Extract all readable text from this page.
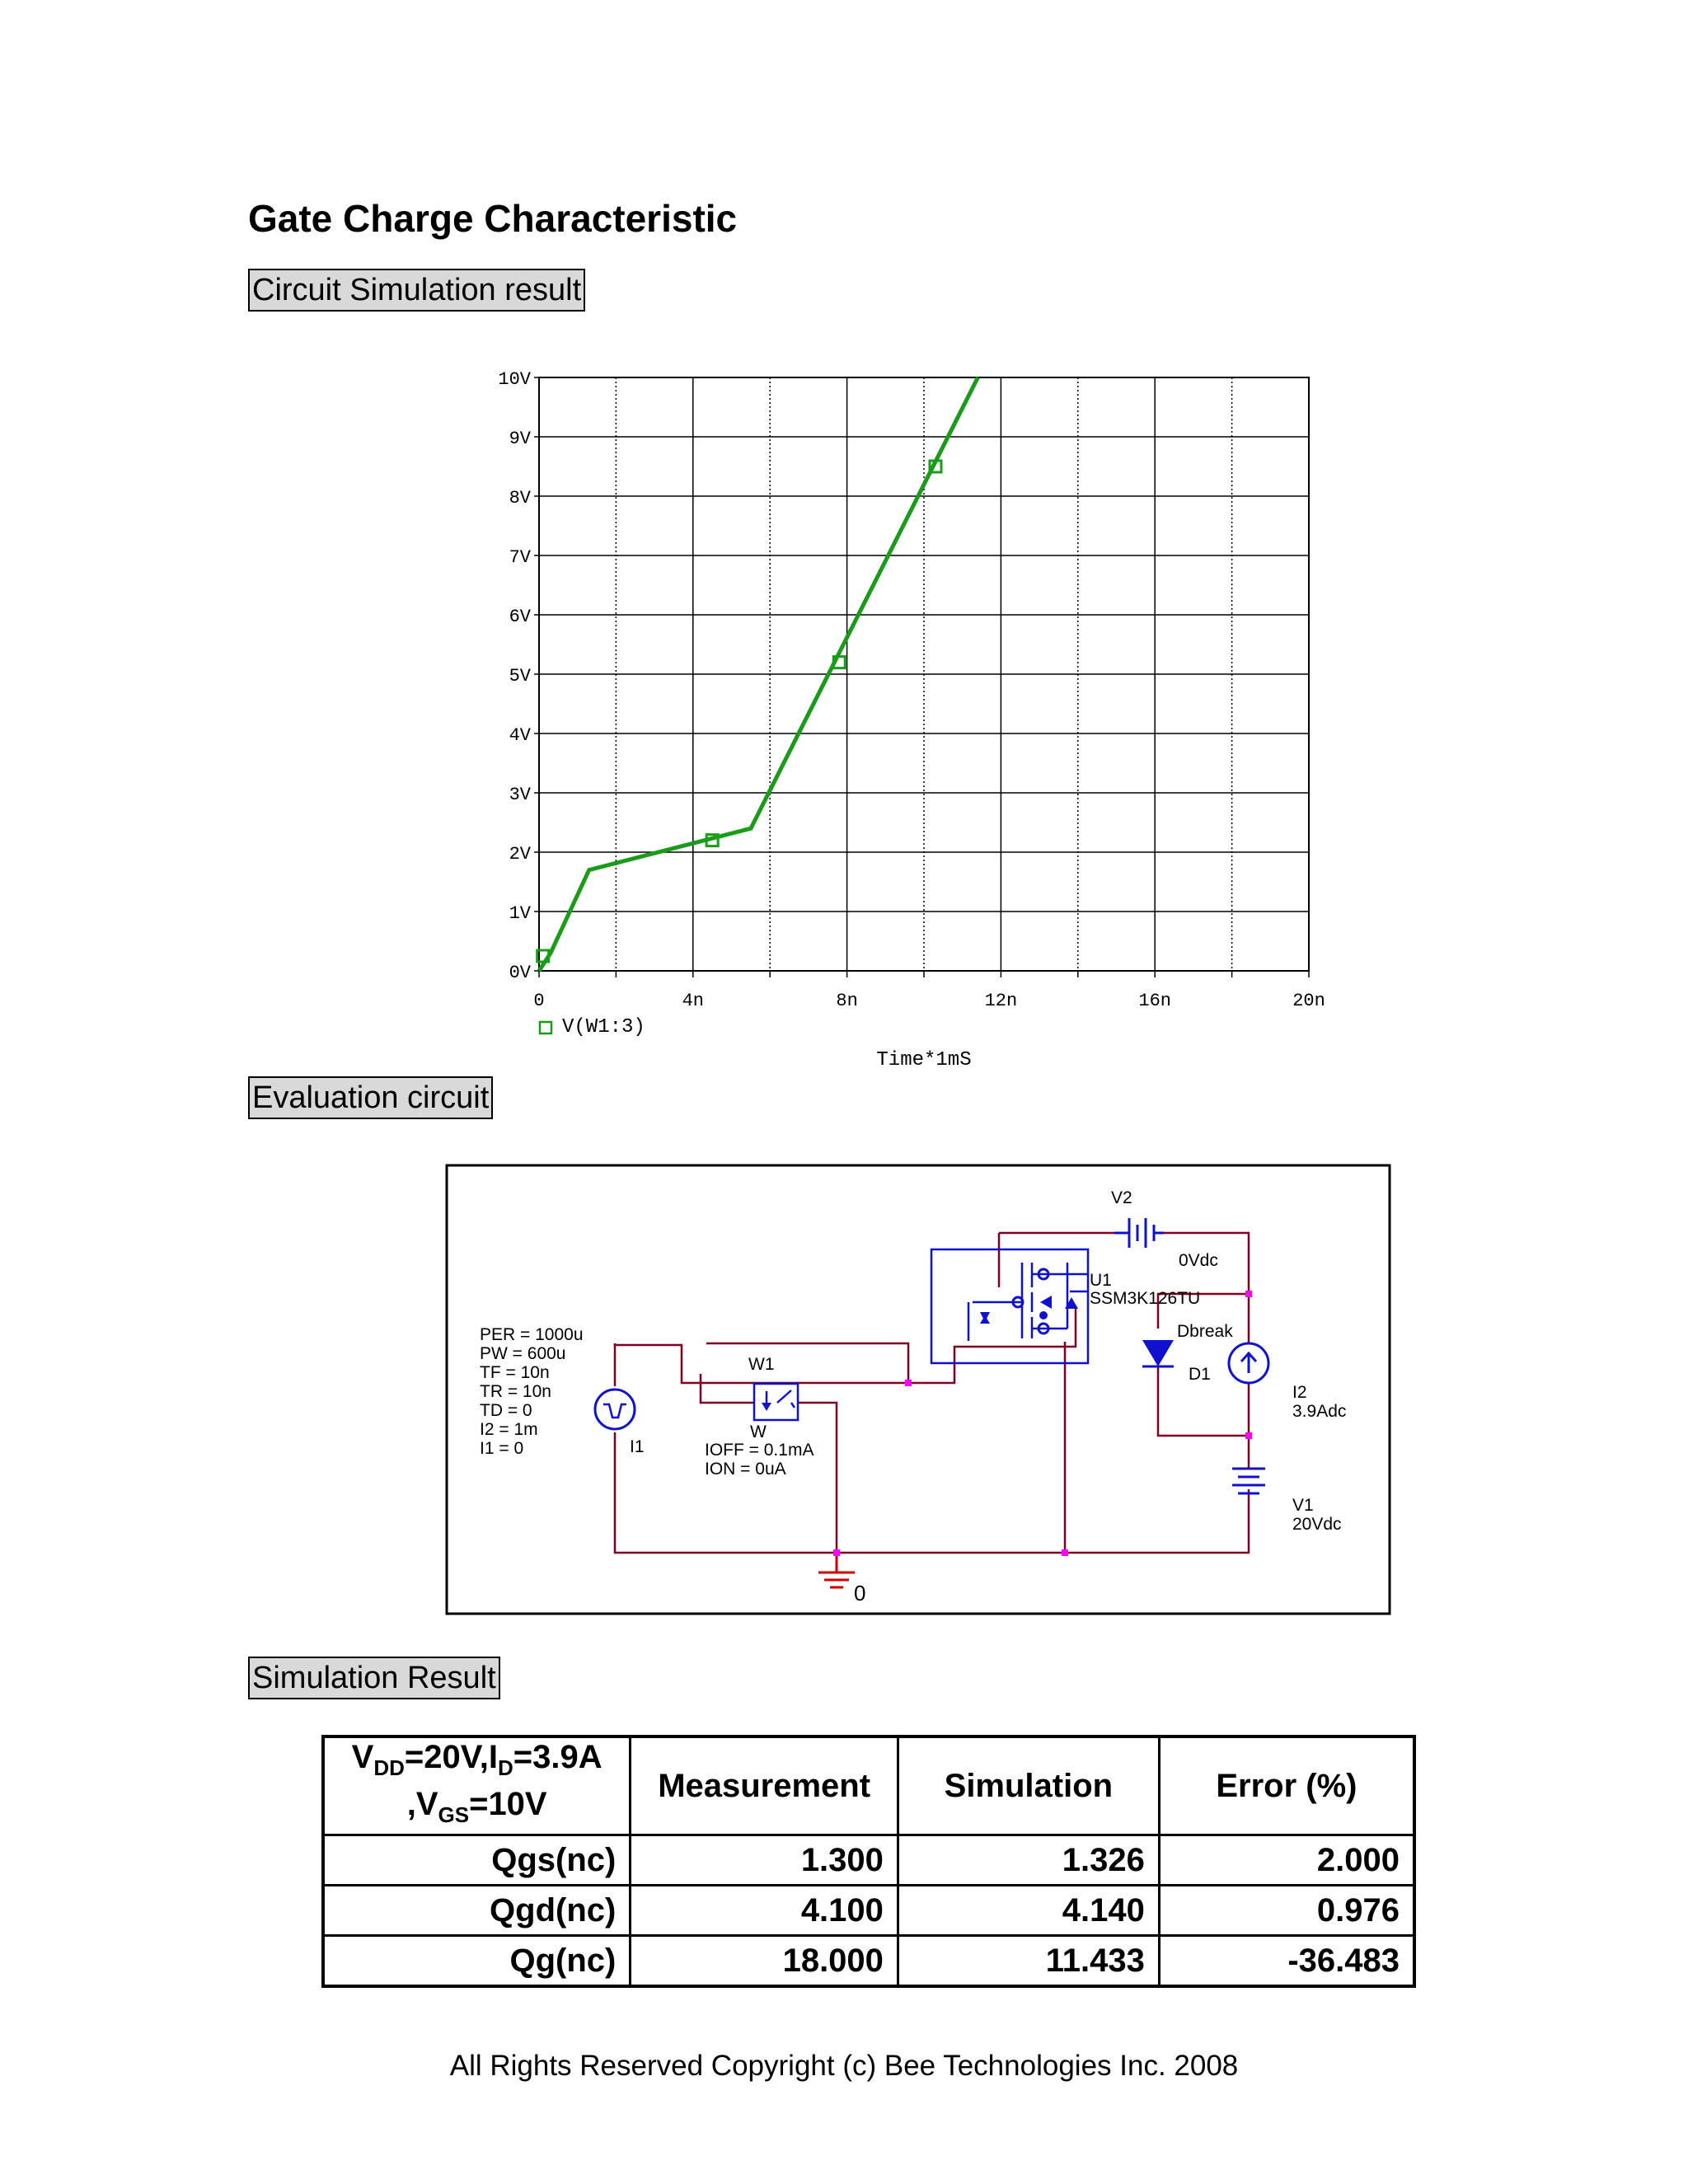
Gate Charge Characteristic
Circuit Simulation result
0V
1V
2V
3V
4V
5V
6V
7V
8V
9V
10V
0	4n	8n	12n	16n	20n
V(W1:3)
Time*1mS
Evaluation circuit
PER = 1000u
PW = 600u
TF = 10n
TR = 10n
TD = 0
I2 = 1m
I1 = 0	I1
W1
W
IOFF = 0.1mA
ION = 0uA
U1
SSM3K126TU
V2
0Vdc
Dbreak
D1
I2
3.9Adc
V1
20Vdc
0
Simulation Result
$V_{DD}=20V,I_D=3.9A$
$,V_{GS}=10V$	Measurement	Simulation	Error (%)
Qgs(nc)	1.300	1.326	2.000
Qgd(nc)	4.100	4.140	0.976
Qg(nc)	18.000	11.433	-36.483
All Rights Reserved Copyright (c) Bee Technologies Inc. 2008
